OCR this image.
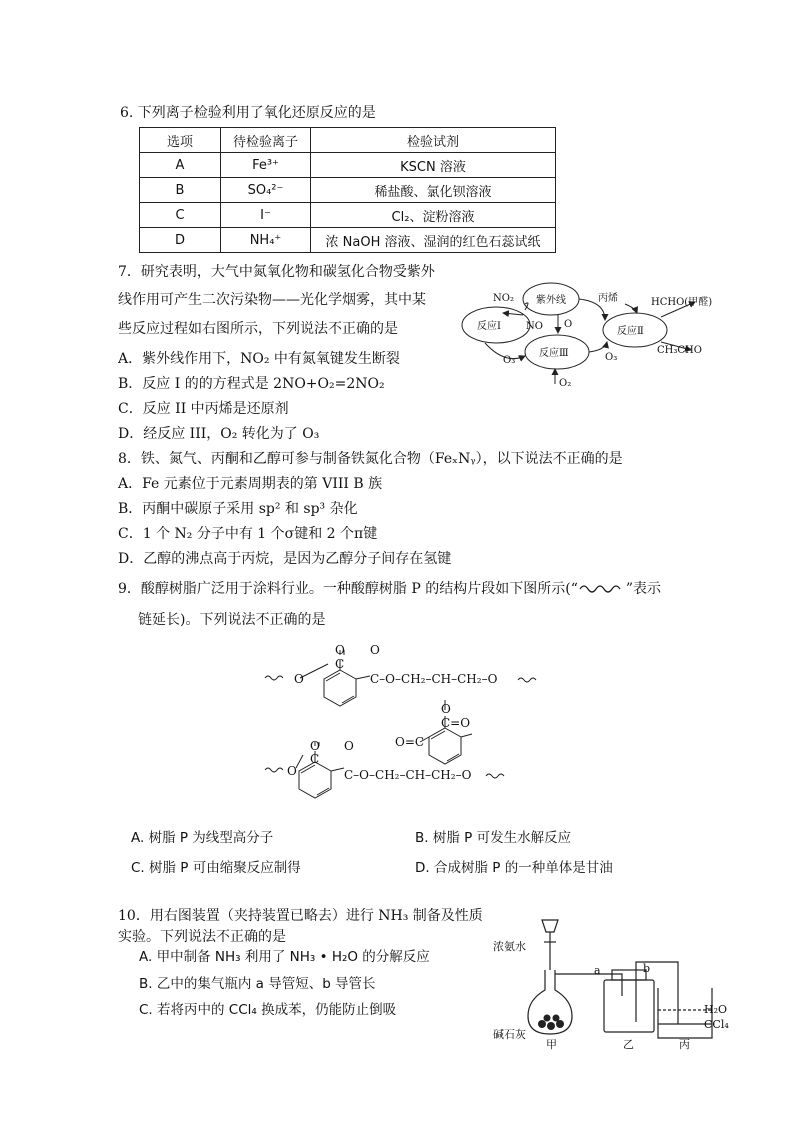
6. 下列离子检验利用了氧化还原反应的是
选项	待检验离子	检验试剂
A	Fe³⁺	KSCN 溶液
B	SO₄²⁻	稀盐酸、氯化钡溶液
C	I⁻	Cl₂、淀粉溶液
D	NH₄⁺	浓 NaOH 溶液、湿润的红色石蕊试纸
7．研究表明，大气中氮氧化物和碳氢化合物受紫外
线作用可产生二次污染物——光化学烟雾，其中某
些反应过程如右图所示，下列说法不正确的是
A．紫外线作用下，NO₂ 中有氮氧键发生断裂
B．反应 I 的的方程式是 2NO+O₂=2NO₂
C．反应 II 中丙烯是还原剂
D．经反应 III，O₂ 转化为了 O₃
紫外线
反应Ⅰ
反应Ⅲ
反应Ⅱ
NO₂
NO O
O₃	O₃
O₂
丙烯	HCHO(甲醛)
CH₃CHO
8．铁、氮气、丙酮和乙醇可参与制备铁氮化合物（FeₓNᵧ），以下说法不正确的是
A．Fe 元素位于元素周期表的第 VIII B 族
B．丙酮中碳原子采用 sp² 和 sp³ 杂化
C．1 个 N₂ 分子中有 1 个σ键和 2 个π键
D．乙醇的沸点高于丙烷，是因为乙醇分子间存在氢键
9．酸醇树脂广泛用于涂料行业。一种酸醇树脂 P 的结构片段如下图所示(“	”表示
链延长)。下列说法不正确的是
O
C
O
O
C–O–CH₂–CH–CH₂–O
O
C=O
O=C
O
C
O
O
C–O–CH₂–CH–CH₂–O
A. 树脂 P 为线型高分子	B. 树脂 P 可发生水解反应
C. 树脂 P 可由缩聚反应制得	D. 合成树脂 P 的一种单体是甘油
10．用右图装置（夹持装置已略去）进行 NH₃ 制备及性质
实验。下列说法不正确的是
A. 甲中制备 NH₃ 利用了 NH₃ • H₂O 的分解反应
B. 乙中的集气瓶内 a 导管短、b 导管长
C. 若将丙中的 CCl₄ 换成苯，仍能防止倒吸
浓氨水
碱石灰
a	b
H₂O
CCl₄
甲	乙	丙
